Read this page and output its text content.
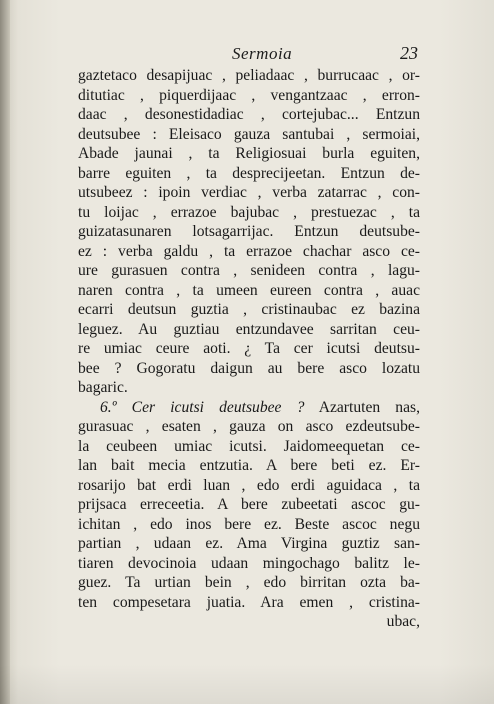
Sermoia	23
gaztetaco desapijuac , peliadaac , burrucaac , or-
ditutiac , piquerdijaac , vengantzaac , erron-
daac , desonestidadiac , cortejubac... Entzun
deutsubee : Eleisaco gauza santubai , sermoiai,
Abade jaunai , ta Religiosuai burla eguiten,
barre eguiten , ta desprecijeetan. Entzun de-
utsubeez : ipoin verdiac , verba zatarrac , con-
tu loijac , errazoe bajubac , prestuezac , ta
guizatasunaren lotsagarrijac. Entzun deutsube-
ez : verba galdu , ta errazoe chachar asco ce-
ure gurasuen contra , senideen contra , lagu-
naren contra , ta umeen eureen contra , auac
ecarri deutsun guztia , cristinaubac ez bazina
leguez. Au guztiau entzundavee sarritan ceu-
re umiac ceure aoti. ¿ Ta cer icutsi deutsu-
bee ? Gogoratu daigun au bere asco lozatu
bagaric.
6.º Cer icutsi deutsubee ? Azartuten nas,
gurasuac , esaten , gauza on asco ezdeutsube-
la ceubeen umiac icutsi. Jaidomeequetan ce-
lan bait mecia entzutia. A bere beti ez. Er-
rosarijo bat erdi luan , edo erdi aguidaca , ta
prijsaca erreceetia. A bere zubeetati ascoc gu-
ichitan , edo inos bere ez. Beste ascoc negu
partian , udaan ez. Ama Virgina guztiz san-
tiaren devocinoia udaan mingochago balitz le-
guez. Ta urtian bein , edo birritan ozta ba-
ten compesetara juatia. Ara emen , cristina-
ubac,
